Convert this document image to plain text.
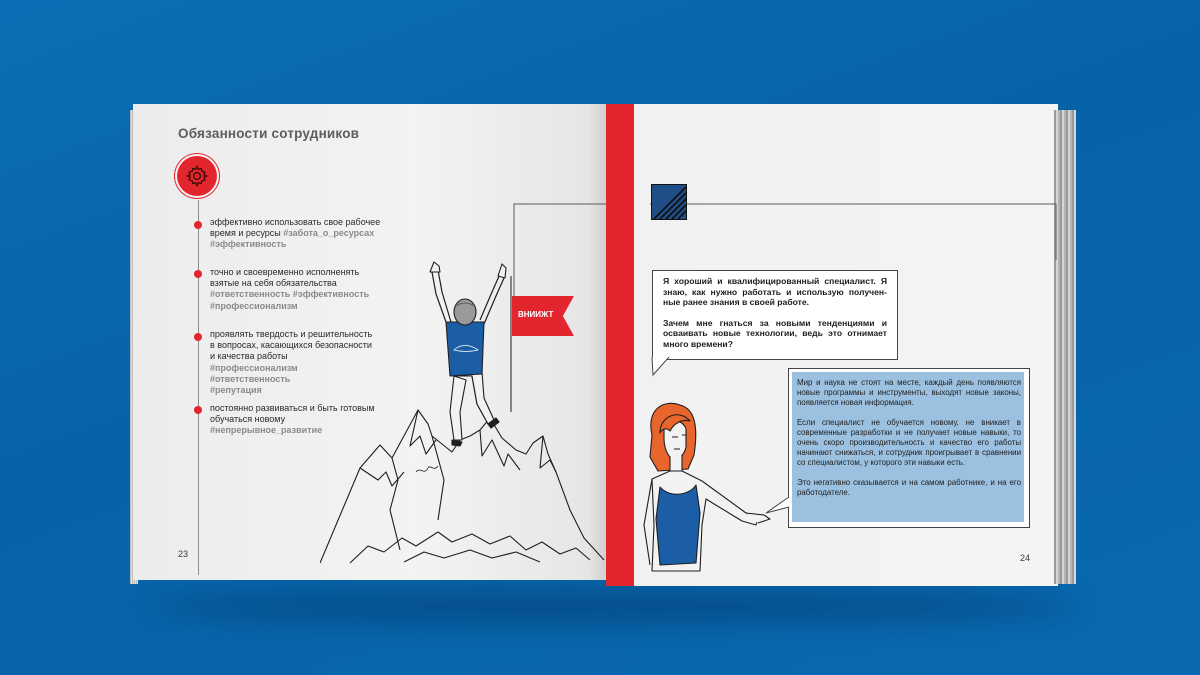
Обязанности сотрудников
эффективно использовать свое рабочее
время и ресурсы #забота_о_ресурсах
#эффективность
точно и своевременно исполненять
взятые на себя обязательства
#ответственность #эффективность
#профессионализм
проявлять твердость и решительность
в вопросах, касающихся безопасности
и качества работы
#профессионализм
#ответственность
#репутация
постоянно развиваться и быть готовым
обучаться новому
#непрерывное_развитие
23
ВНИИЖТ

Я хороший и квалифицированный специалист. Я знаю, как нужно работать и использую получен-ные ранее знания в своей работе.

Зачем мне гнаться за новыми тенденциями и осваивать новые технологии, ведь это отнимает много времени?

Мир и наука не стоят на месте, каждый день появляются новые программы и инструменты, выходят новые законы, появляется новая информация.

Если специалист не обучается новому, не вникает в современные разработки и не получает новые навыки, то очень скоро производительность и качество его работы начинают снижаться, и сотрудник проигрывает в сравнении со специалистом, у которого эти навыки есть.

Это негативно сказывается и на самом работнике, и на его работодателе.

24
